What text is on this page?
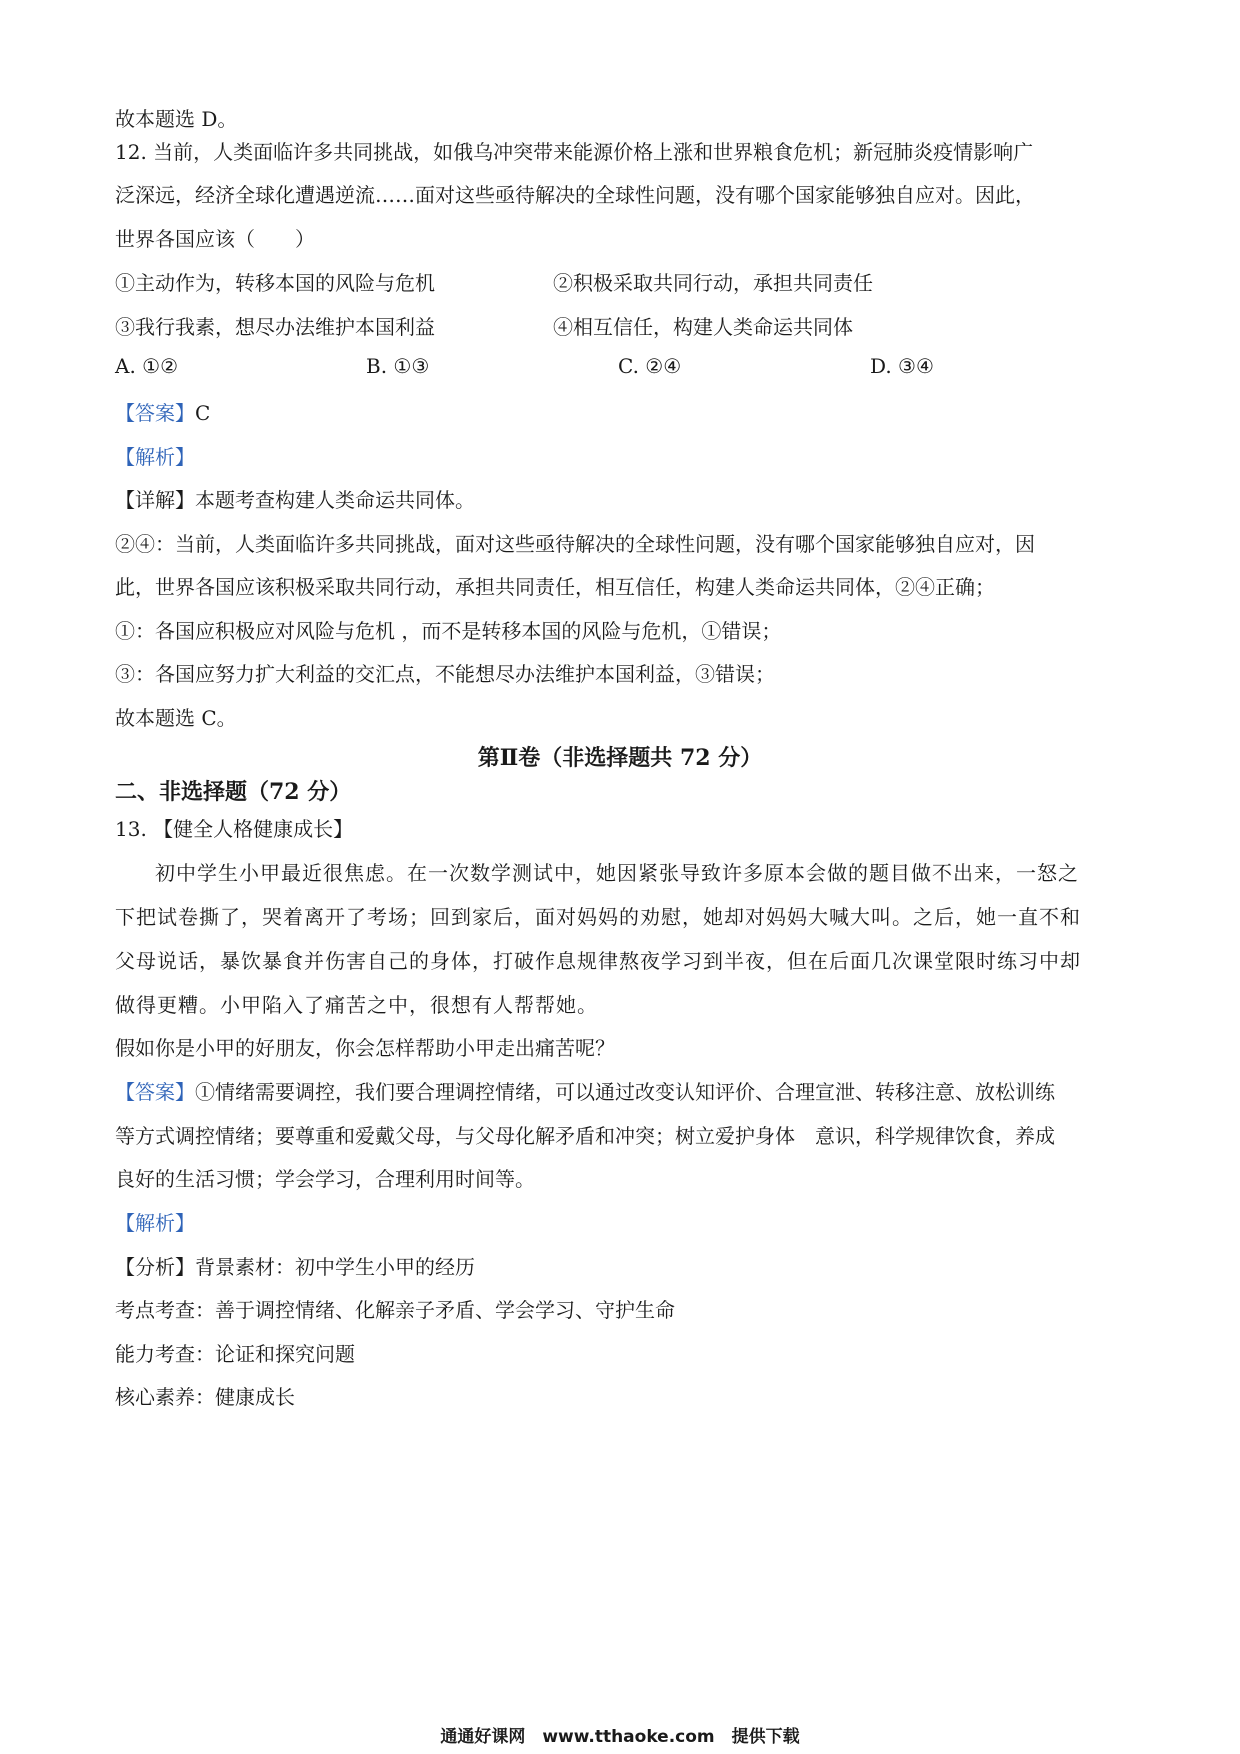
故本题选 D。
12. 当前，人类面临许多共同挑战，如俄乌冲突带来能源价格上涨和世界粮食危机；新冠肺炎疫情影响广
泛深远，经济全球化遭遇逆流……面对这些亟待解决的全球性问题，没有哪个国家能够独自应对。因此，
世界各国应该（　　）
①主动作为，转移本国的风险与危机	②积极采取共同行动，承担共同责任
③我行我素，想尽办法维护本国利益	④相互信任，构建人类命运共同体
A. ①②	B. ①③	C. ②④	D. ③④
【答案】C
【解析】
【详解】本题考查构建人类命运共同体。
②④：当前，人类面临许多共同挑战，面对这些亟待解决的全球性问题，没有哪个国家能够独自应对，因
此，世界各国应该积极采取共同行动，承担共同责任，相互信任，构建人类命运共同体，②④正确；
①：各国应积极应对风险与危机 ，而不是转移本国的风险与危机，①错误；
③：各国应努力扩大利益的交汇点，不能想尽办法维护本国利益，③错误；
故本题选 C。
第Ⅱ卷（非选择题共 72 分）
二、非选择题（72 分）
13. 【健全人格健康成长】
初中学生小甲最近很焦虑。在一次数学测试中，她因紧张导致许多原本会做的题目做不出来，一怒之
下把试卷撕了，哭着离开了考场；回到家后，面对妈妈的劝慰，她却对妈妈大喊大叫。之后，她一直不和
父母说话，暴饮暴食并伤害自己的身体，打破作息规律熬夜学习到半夜，但在后面几次课堂限时练习中却
做得更糟。小甲陷入了痛苦之中，很想有人帮帮她。
假如你是小甲的好朋友，你会怎样帮助小甲走出痛苦呢？
【答案】①情绪需要调控，我们要合理调控情绪，可以通过改变认知评价、合理宣泄、转移注意、放松训练
等方式调控情绪；要尊重和爱戴父母，与父母化解矛盾和冲突；树立爱护身体　意识，科学规律饮食，养成
良好的生活习惯；学会学习，合理利用时间等。
【解析】
【分析】背景素材：初中学生小甲的经历
考点考查：善于调控情绪、化解亲子矛盾、学会学习、守护生命
能力考查：论证和探究问题
核心素养：健康成长
通通好课网　www.tthaoke.com　提供下载
